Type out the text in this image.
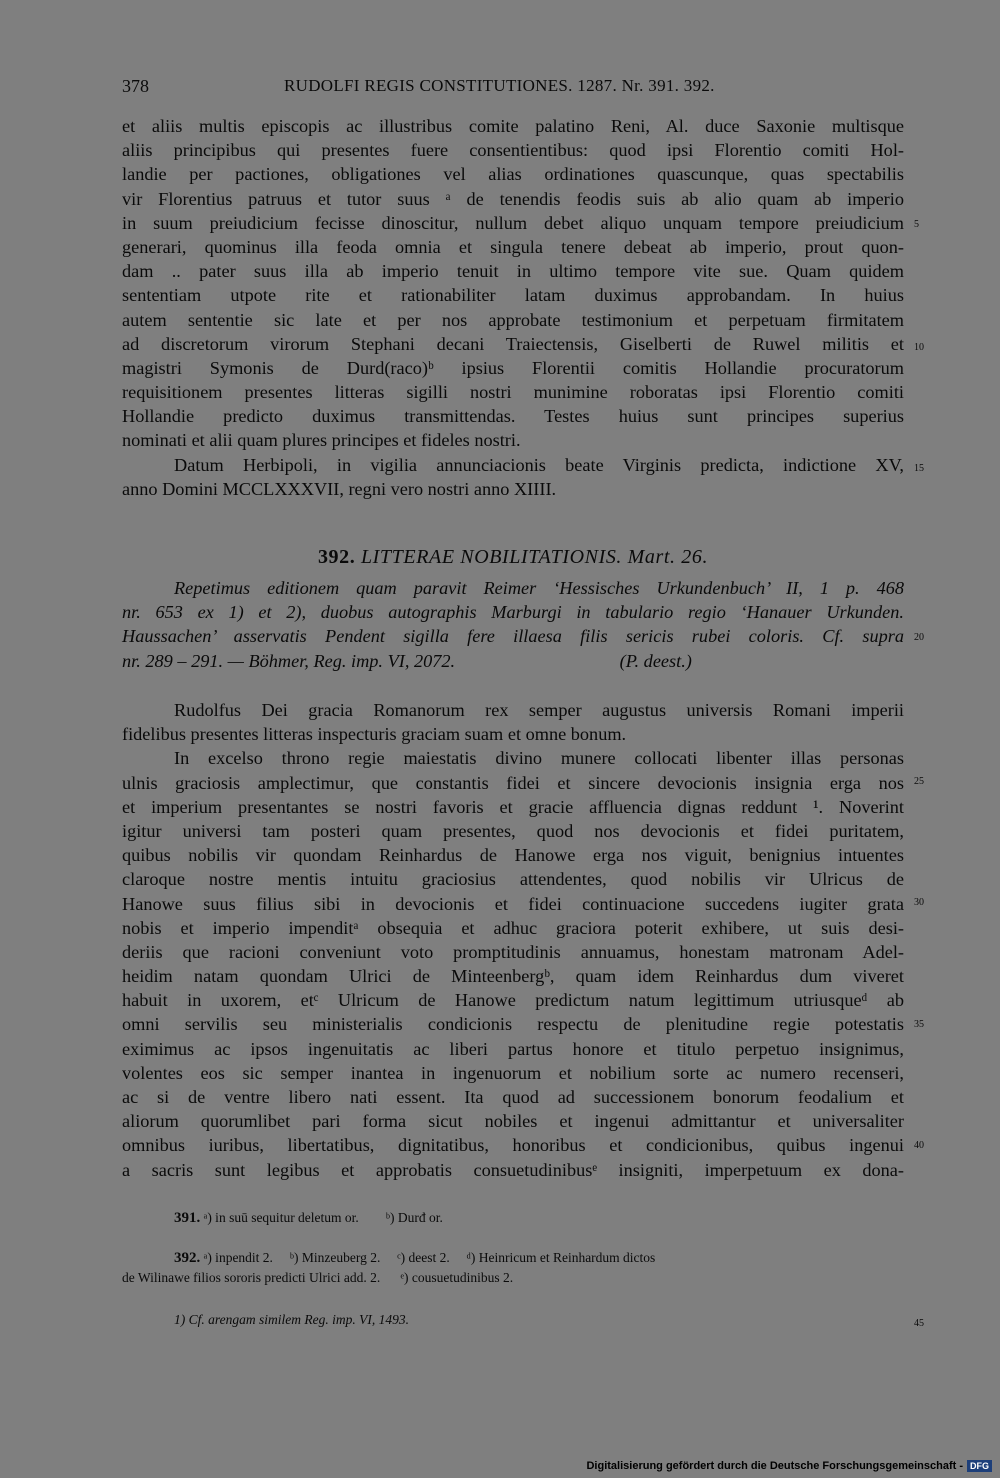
378	RUDOLFI REGIS CONSTITUTIONES. 1287. Nr. 391. 392.
et aliis multis episcopis ac illustribus comite palatino Reni, Al. duce Saxonie multisque
aliis principibus qui presentes fuere consentientibus: quod ipsi Florentio comiti Hol-
landie per pactiones, obligationes vel alias ordinationes quascunque, quas spectabilis
vir Florentius patruus et tutor suus ᵃ de tenendis feodis suis ab alio quam ab imperio
in suum preiudicium fecisse dinoscitur, nullum debet aliquo unquam tempore preiudicium
generari, quominus illa feoda omnia et singula tenere debeat ab imperio, prout quon-
dam .. pater suus illa ab imperio tenuit in ultimo tempore vite sue. Quam quidem
sententiam utpote rite et rationabiliter latam duximus approbandam. In huius
autem sententie sic late et per nos approbate testimonium et perpetuam firmitatem
ad discretorum virorum Stephani decani Traiectensis, Giselberti de Ruwel militis et
magistri Symonis de Durd(raco)ᵇ ipsius Florentii comitis Hollandie procuratorum
requisitionem presentes litteras sigilli nostri munimine roboratas ipsi Florentio comiti
Hollandie predicto duximus transmittendas. Testes huius sunt principes superius
nominati et alii quam plures principes et fideles nostri.
Datum Herbipoli, in vigilia annunciacionis beate Virginis predicta, indictione XV,
anno Domini MCCLXXXVII, regni vero nostri anno XIIII.
392. LITTERAE NOBILITATIONIS. Mart. 26.
Repetimus editionem quam paravit Reimer ‘Hessisches Urkundenbuch’ II, 1 p. 468
nr. 653 ex 1) et 2), duobus autographis Marburgi in tabulario regio ‘Hanauer Urkunden.
Haussachen’ asservatis Pendent sigilla fere illaesa filis sericis rubei coloris. Cf. supra
nr. 289 – 291. — Böhmer, Reg. imp. VI, 2072.                                    (P. deest.)
Rudolfus Dei gracia Romanorum rex semper augustus universis Romani imperii
fidelibus presentes litteras inspecturis graciam suam et omne bonum.
In excelso throno regie maiestatis divino munere collocati libenter illas personas
ulnis graciosis amplectimur, que constantis fidei et sincere devocionis insignia erga nos
et imperium presentantes se nostri favoris et gracie affluencia dignas reddunt ¹. Noverint
igitur universi tam posteri quam presentes, quod nos devocionis et fidei puritatem,
quibus nobilis vir quondam Reinhardus de Hanowe erga nos viguit, benignius intuentes
claroque nostre mentis intuitu graciosius attendentes, quod nobilis vir Ulricus de
Hanowe suus filius sibi in devocionis et fidei continuacione succedens iugiter grata
nobis et imperio impenditᵃ obsequia et adhuc graciora poterit exhibere, ut suis desi-
deriis que racioni conveniunt voto promptitudinis annuamus, honestam matronam Adel-
heidim natam quondam Ulrici de Minteenbergᵇ, quam idem Reinhardus dum viveret
habuit in uxorem, etᶜ Ulricum de Hanowe predictum natum legittimum utriusqueᵈ ab
omni servilis seu ministerialis condicionis respectu de plenitudine regie potestatis
eximimus ac ipsos ingenuitatis ac liberi partus honore et titulo perpetuo insignimus,
volentes eos sic semper inantea in ingenuorum et nobilium sorte ac numero recenseri,
ac si de ventre libero nati essent. Ita quod ad successionem bonorum feodalium et
aliorum quorumlibet pari forma sicut nobiles et ingenui admittantur et universaliter
omnibus iuribus, libertatibus, dignitatibus, honoribus et condicionibus, quibus ingenui
a sacris sunt legibus et approbatis consuetudinibusᵉ insigniti, imperpetuum ex dona-
5
10
15
20
25
30
35
40
45
391. ᵃ) in suū sequitur deletum or.        ᵇ) Durđ or.
392. ᵃ) inpendit 2.     ᵇ) Minzeuberg 2.     ᶜ) deest 2.     ᵈ) Heinricum et Reinhardum dictos
de Wilinawe filios sororis predicti Ulrici add. 2.      ᵉ) cousuetudinibus 2.
1) Cf. arengam similem Reg. imp. VI, 1493.
Digitalisierung gefördert durch die Deutsche Forschungsgemeinschaft - DFG
